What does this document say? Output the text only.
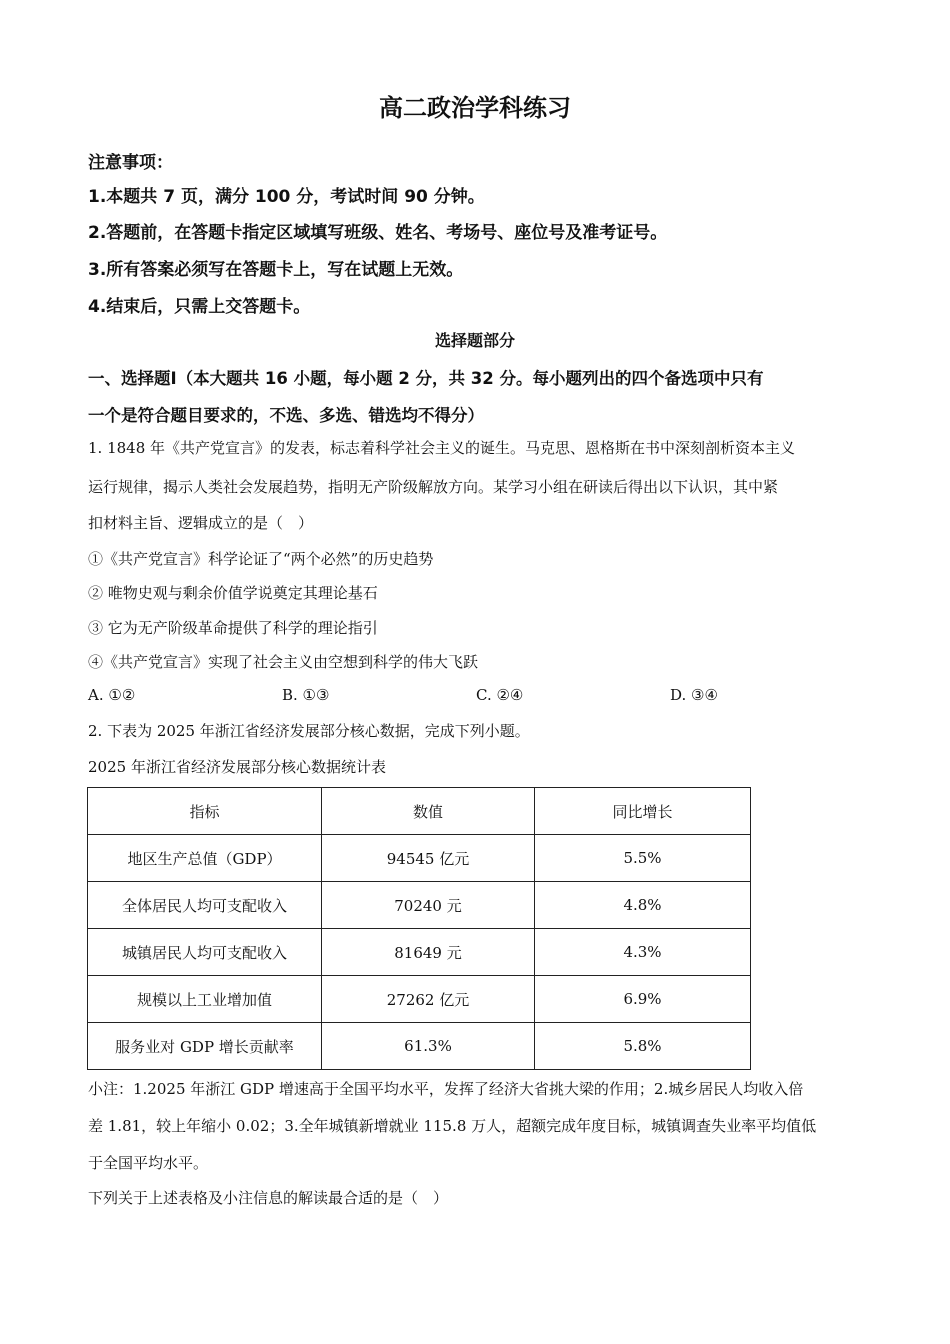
高二政治学科练习
注意事项：
1.本题共 7 页，满分 100 分，考试时间 90 分钟。
2.答题前，在答题卡指定区域填写班级、姓名、考场号、座位号及准考证号。
3.所有答案必须写在答题卡上，写在试题上无效。
4.结束后，只需上交答题卡。
选择题部分
一、选择题Ⅰ（本大题共 16 小题，每小题 2 分，共 32 分。每小题列出的四个备选项中只有
一个是符合题目要求的，不选、多选、错选均不得分）
1. 1848 年《共产党宣言》的发表，标志着科学社会主义的诞生。马克思、恩格斯在书中深刻剖析资本主义
运行规律，揭示人类社会发展趋势，指明无产阶级解放方向。某学习小组在研读后得出以下认识，其中紧
扣材料主旨、逻辑成立的是（　）
①《共产党宣言》科学论证了“两个必然”的历史趋势
② 唯物史观与剩余价值学说奠定其理论基石
③ 它为无产阶级革命提供了科学的理论指引
④《共产党宣言》实现了社会主义由空想到科学的伟大飞跃
A. ①②	B. ①③	C. ②④	D. ③④
2. 下表为 2025 年浙江省经济发展部分核心数据，完成下列小题。
2025 年浙江省经济发展部分核心数据统计表
指标	数值	同比增长
地区生产总值（GDP）	94545 亿元	5.5%
全体居民人均可支配收入	70240 元	4.8%
城镇居民人均可支配收入	81649 元	4.3%
规模以上工业增加值	27262 亿元	6.9%
服务业对 GDP 增长贡献率	61.3%	5.8%
小注：1.2025 年浙江 GDP 增速高于全国平均水平，发挥了经济大省挑大梁的作用；2.城乡居民人均收入倍
差 1.81，较上年缩小 0.02；3.全年城镇新增就业 115.8 万人，超额完成年度目标，城镇调查失业率平均值低
于全国平均水平。
下列关于上述表格及小注信息的解读最合适的是（　）
